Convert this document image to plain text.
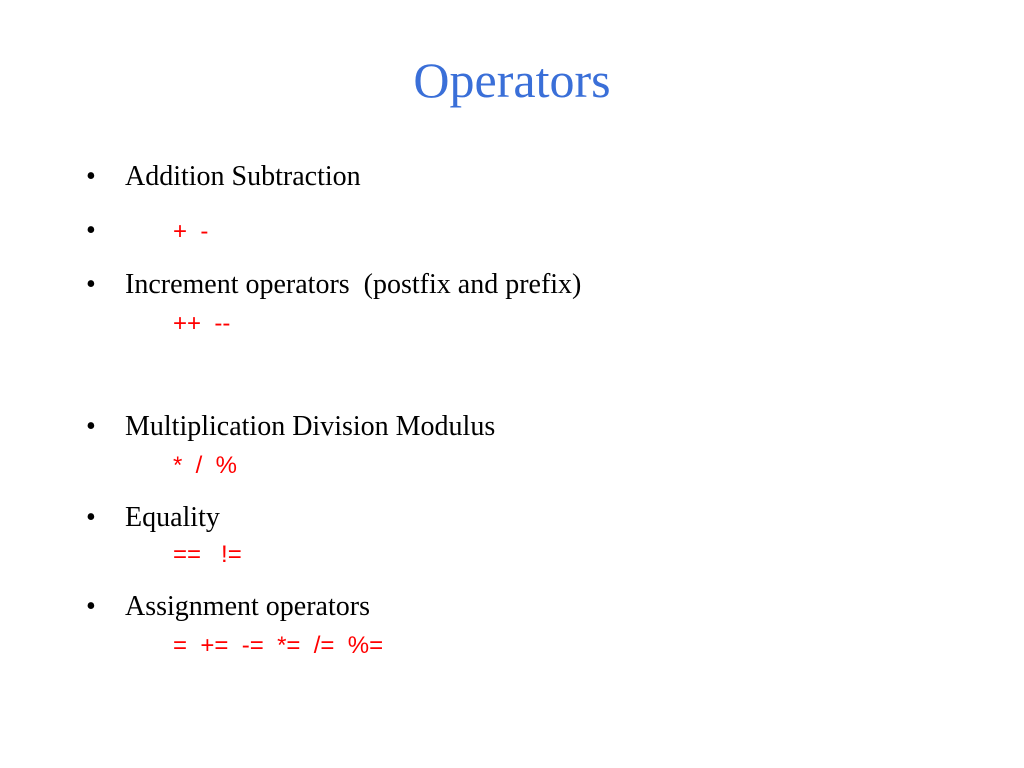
Operators
• Addition Subtraction
•	+  -
• Increment operators  (postfix and prefix)
++  --
• Multiplication Division Modulus
*  /  %
• Equality
==   !=
• Assignment operators
=  +=  -=  *=  /=  %=
